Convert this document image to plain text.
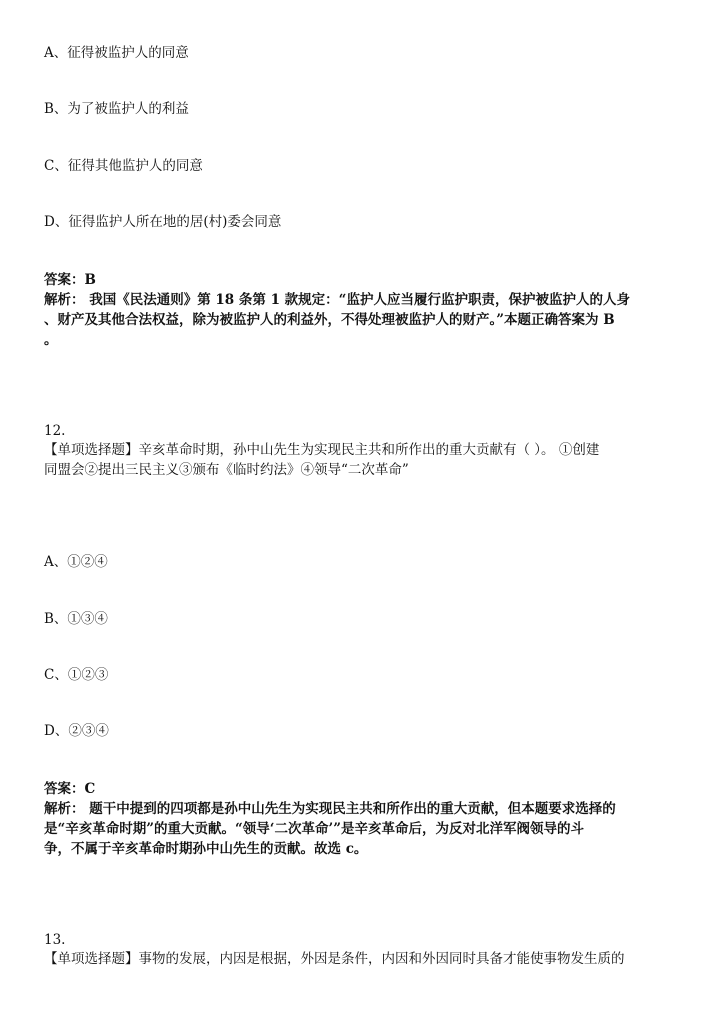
A、征得被监护人的同意
B、为了被监护人的利益
C、征得其他监护人的同意
D、征得监护人所在地的居(村)委会同意

答案：B

解析： 我国《民法通则》第 18 条第 1 款规定：“监护人应当履行监护职责，保护被监护人的人身

、财产及其他合法权益，除为被监护人的利益外，不得处理被监护人的财产。”本题正确答案为 B

。

12.

【单项选择题】辛亥革命时期，孙中山先生为实现民主共和所作出的重大贡献有（ ）。 ①创建

同盟会②提出三民主义③颁布《临时约法》④领导“二次革命”

A、①②④
B、①③④
C、①②③
D、②③④

答案：C

解析： 题干中提到的四项都是孙中山先生为实现民主共和所作出的重大贡献，但本题要求选择的

是“辛亥革命时期”的重大贡献。“领导‘二次革命’”是辛亥革命后，为反对北洋军阀领导的斗

争，不属于辛亥革命时期孙中山先生的贡献。故选 c。

13.

【单项选择题】事物的发展，内因是根据，外因是条件，内因和外因同时具备才能使事物发生质的
